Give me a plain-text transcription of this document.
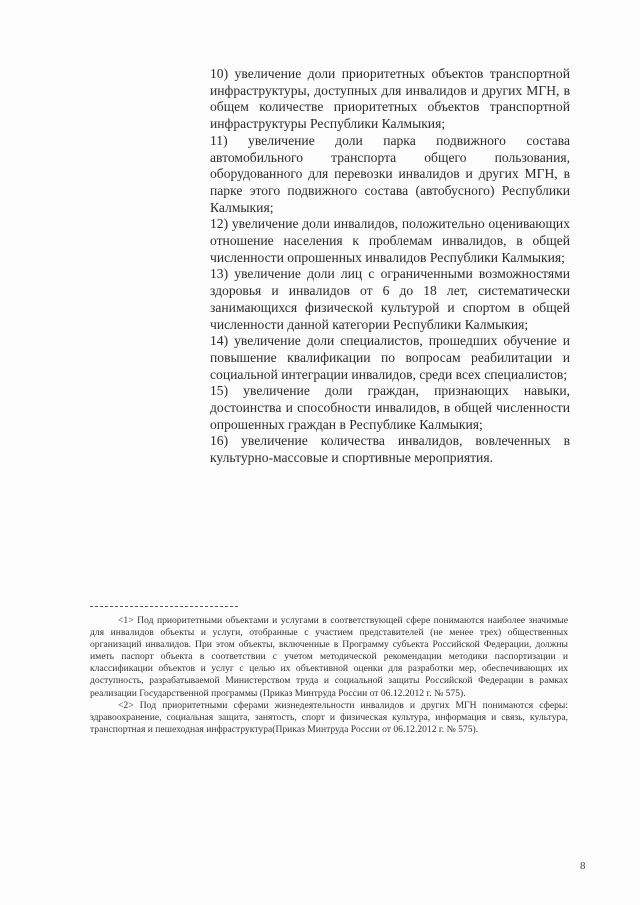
10) увеличение доли приоритетных объектов транспортной инфраструктуры, доступных для инвалидов и других МГН, в общем количестве приоритетных объектов транспортной инфраструктуры Республики Калмыкия;

11) увеличение доли парка подвижного состава автомобильного транспорта общего пользования, оборудованного для перевозки инвалидов и других МГН, в парке этого подвижного состава (автобусного) Республики Калмыкия;

12) увеличение доли инвалидов, положительно оценивающих отношение населения к проблемам инвалидов, в общей численности опрошенных инвалидов Республики Калмыкия;

13) увеличение доли лиц с ограниченными возможностями здоровья и инвалидов от 6 до 18 лет, систематически занимающихся физической культурой и спортом в общей численности данной категории Республики Калмыкия;

14) увеличение доли специалистов, прошедших обучение и повышение квалификации по вопросам реабилитации и социальной интеграции инвалидов, среди всех специалистов;

15) увеличение доли граждан, признающих навыки, достоинства и способности инвалидов, в общей численности опрошенных граждан в Республике Калмыкия;

16) увеличение количества инвалидов, вовлеченных в культурно-массовые и спортивные мероприятия.

<1> Под приоритетными объектами и услугами в соответствующей сфере понимаются наиболее значимые для инвалидов объекты и услуги, отобранные с участием представителей (не менее трех) общественных организаций инвалидов. При этом объекты, включенные в Программу субъекта Российской Федерации, должны иметь паспорт объекта в соответствии с учетом методической рекомендации методики паспортизации и классификации объектов и услуг с целью их объективной оценки для разработки мер, обеспечивающих их доступность, разрабатываемой Министерством труда и социальной защиты Российской Федерации в рамках реализации Государственной программы (Приказ Минтруда России от 06.12.2012 г. № 575).

<2> Под приоритетными сферами жизнедеятельности инвалидов и других МГН понимаются сферы: здравоохранение, социальная защита, занятость, спорт и физическая культура, информация и связь, культура, транспортная и пешеходная инфраструктура(Приказ Минтруда России от 06.12.2012 г. № 575).

8
